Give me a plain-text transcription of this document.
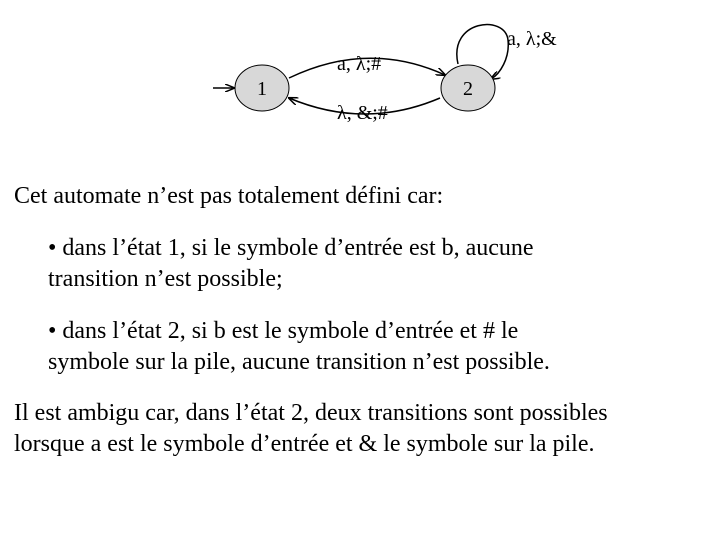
1	2
a, λ;#
λ, &;#
a, λ;&

Cet automate n’est pas totalement défini car:

• dans l’état 1, si le symbole d’entrée est b, aucune
transition n’est possible;
• dans l’état 2, si b est le symbole d’entrée et # le
symbole sur la pile, aucune transition n’est possible.
Il est ambigu car, dans l’état 2, deux transitions sont possibles
lorsque a est le symbole d’entrée et & le symbole sur la pile.
